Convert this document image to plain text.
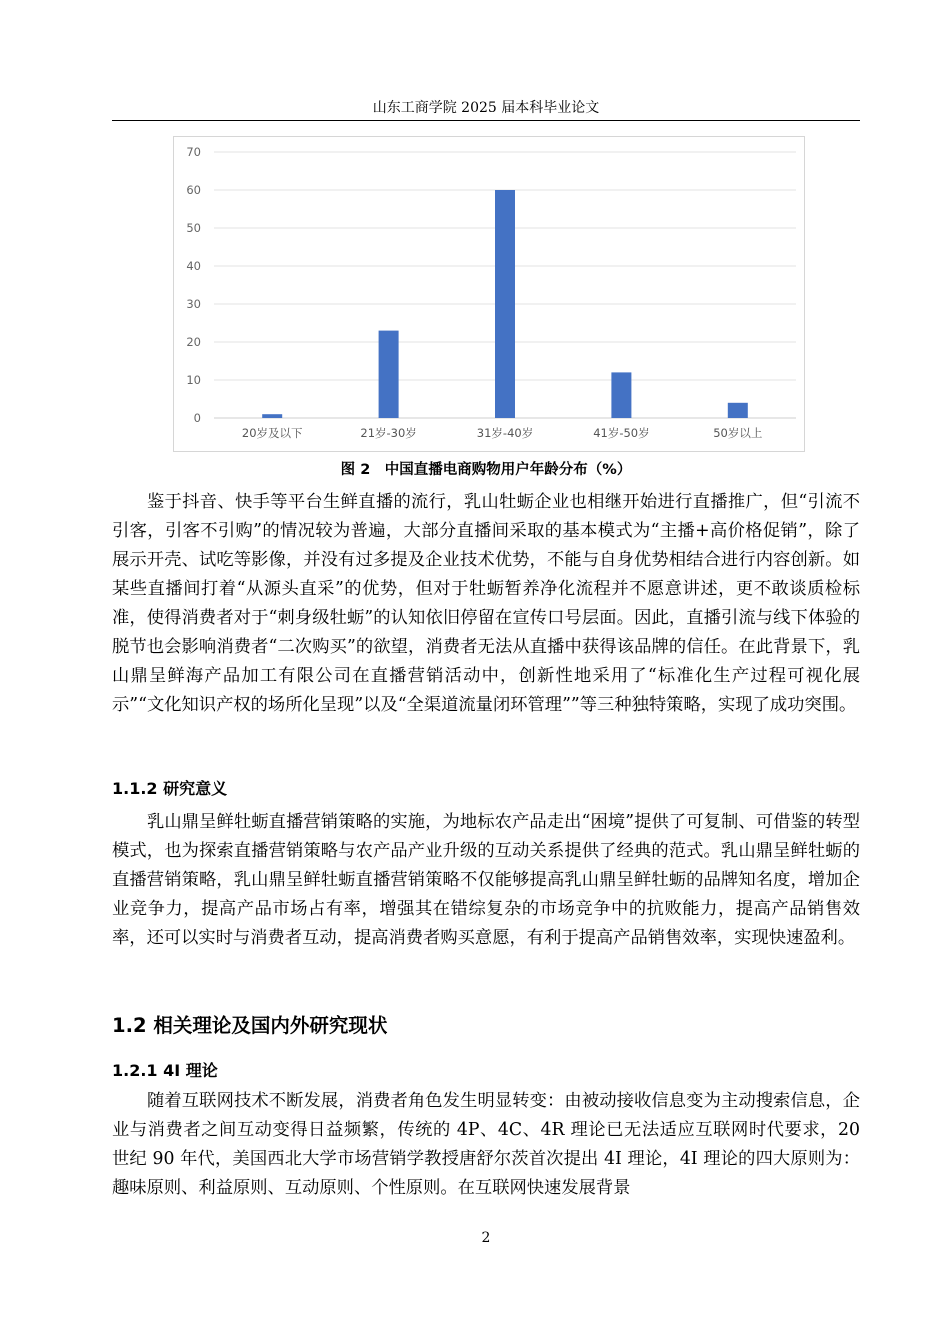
山东工商学院 2025 届本科毕业论文
0
10
20
30
40
50
60
70
20岁及以下	21岁-30岁	31岁-40岁	41岁-50岁	50岁以上
图 2　中国直播电商购物用户年龄分布（%）

鉴于抖音、快手等平台生鲜直播的流行，乳山牡蛎企业也相继开始进行直播推广，但“引流不引客，引客不引购”的情况较为普遍，大部分直播间采取的基本模式为“主播+高价格促销”，除了展示开壳、试吃等影像，并没有过多提及企业技术优势，不能与自身优势相结合进行内容创新。如某些直播间打着“从源头直采”的优势，但对于牡蛎暂养净化流程并不愿意讲述，更不敢谈质检标准，使得消费者对于“刺身级牡蛎”的认知依旧停留在宣传口号层面。因此，直播引流与线下体验的脱节也会影响消费者“二次购买”的欲望，消费者无法从直播中获得该品牌的信任。在此背景下，乳山鼎呈鲜海产品加工有限公司在直播营销活动中，创新性地采用了“标准化生产过程可视化展示”“文化知识产权的场所化呈现”以及“全渠道流量闭环管理””等三种独特策略，实现了成功突围。

1.1.2 研究意义

乳山鼎呈鲜牡蛎直播营销策略的实施，为地标农产品走出“困境”提供了可复制、可借鉴的转型模式，也为探索直播营销策略与农产品产业升级的互动关系提供了经典的范式。乳山鼎呈鲜牡蛎的直播营销策略，乳山鼎呈鲜牡蛎直播营销策略不仅能够提高乳山鼎呈鲜牡蛎的品牌知名度，增加企业竞争力，提高产品市场占有率，增强其在错综复杂的市场竞争中的抗败能力，提高产品销售效率，还可以实时与消费者互动，提高消费者购买意愿，有利于提高产品销售效率，实现快速盈利。

1.2 相关理论及国内外研究现状
1.2.1 4I 理论

随着互联网技术不断发展，消费者角色发生明显转变：由被动接收信息变为主动搜索信息，企业与消费者之间互动变得日益频繁，传统的 4P、4C、4R 理论已无法适应互联网时代要求，20 世纪 90 年代，美国西北大学市场营销学教授唐舒尔茨首次提出 4I 理论，4I 理论的四大原则为：趣味原则、利益原则、互动原则、个性原则。在互联网快速发展背景

2
